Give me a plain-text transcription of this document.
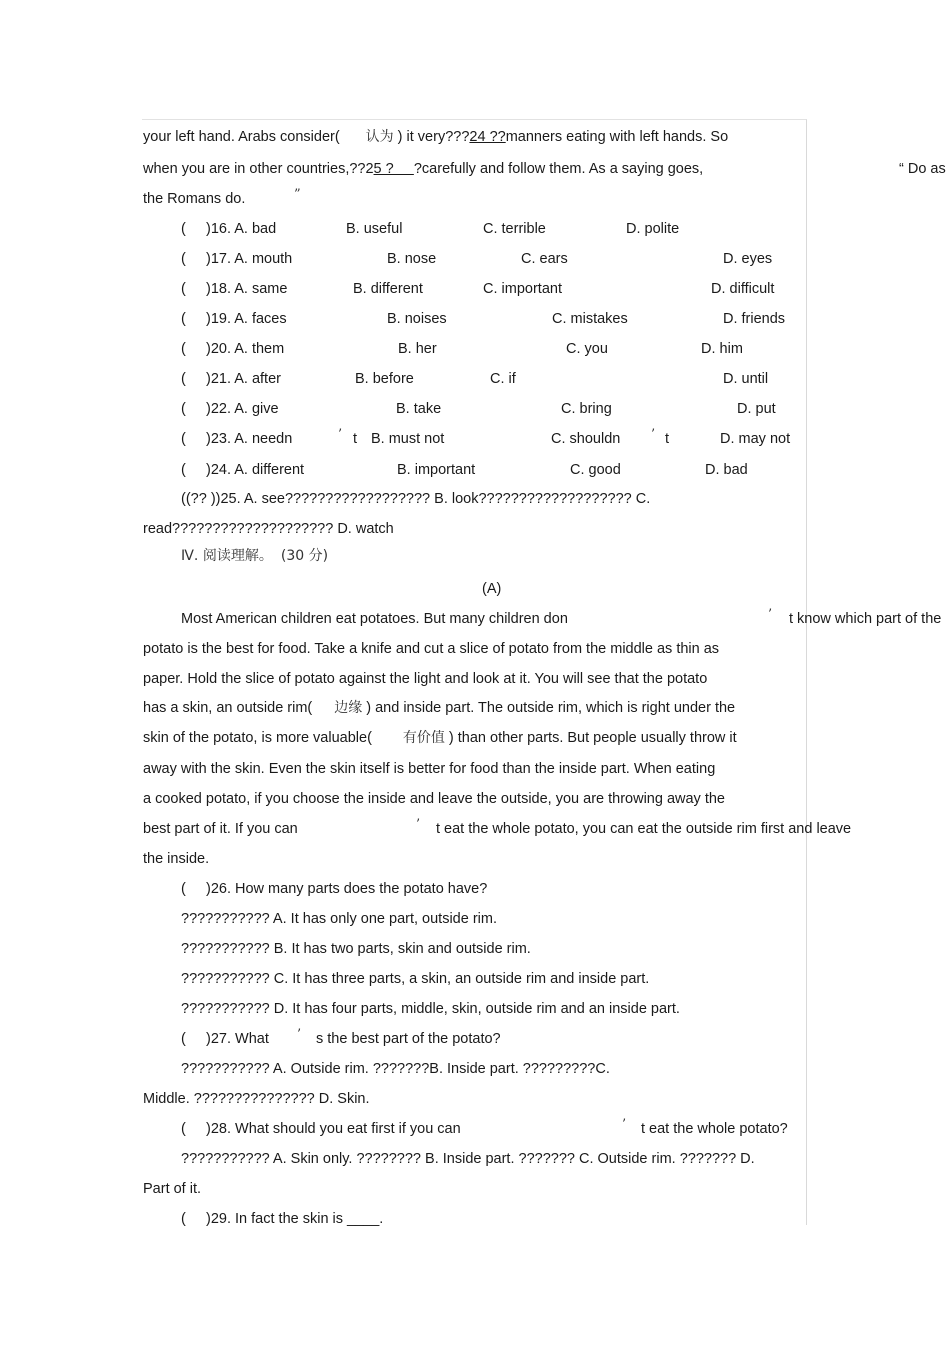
your left hand. Arabs consider( 认为 ) it very???24 ??manners eating with left hands. So
when you are in other countries,??25 ?     ?carefully and follow them. As a saying goes,	“ Do as
the Romans do.	”
( )16. A. bad	B. useful	C. terrible	D. polite
( )17. A. mouth	B. nose	C. ears	D. eyes
( )18. A. same	B. different	C. important	D. difficult
( )19. A. faces	B. noises	C. mistakes	D. friends
( )20. A. them	B. her	C. you	D. him
( )21. A. after	B. before	C. if	D. until
( )22. A. give	B. take	C. bring	D. put
( )23. A. needn	’ t B. must not	C. shouldn ’ t	D. may not
( )24. A. different	B. important	C. good	D. bad
((?? ))25. A. see?????????????????? B. look??????????????????? C.
read???????????????????? D. watch
Ⅳ. 阅读理解。 (30 分)
(A)
Most American children eat potatoes. But many children don	’ t know which part of the
potato is the best for food. Take a knife and cut a slice of potato from the middle as thin as
paper. Hold the slice of potato against the light and look at it. You will see that the potato
has a skin, an outside rim( 边缘 ) and inside part. The outside rim, which is right under the
skin of the potato, is more valuable( 有价值 ) than other parts. But people usually throw it
away with the skin. Even the skin itself is better for food than the inside part. When eating
a cooked potato, if you choose the inside and leave the outside, you are throwing away the
best part of it. If you can	’ t eat the whole potato, you can eat the outside rim first and leave
the inside.
( )26. How many parts does the potato have?
??????????? A. It has only one part, outside rim.
??????????? B. It has two parts, skin and outside rim.
??????????? C. It has three parts, a skin, an outside rim and inside part.
??????????? D. It has four parts, middle, skin, outside rim and an inside part.
( )27. What ’ s the best part of the potato?
??????????? A. Outside rim. ???????B. Inside part. ?????????C.
Middle. ??????????????? D. Skin.
( )28. What should you eat first if you can	’ t eat the whole potato?
??????????? A. Skin only. ???????? B. Inside part. ??????? C. Outside rim. ??????? D.
Part of it.
( )29. In fact the skin is ____.
